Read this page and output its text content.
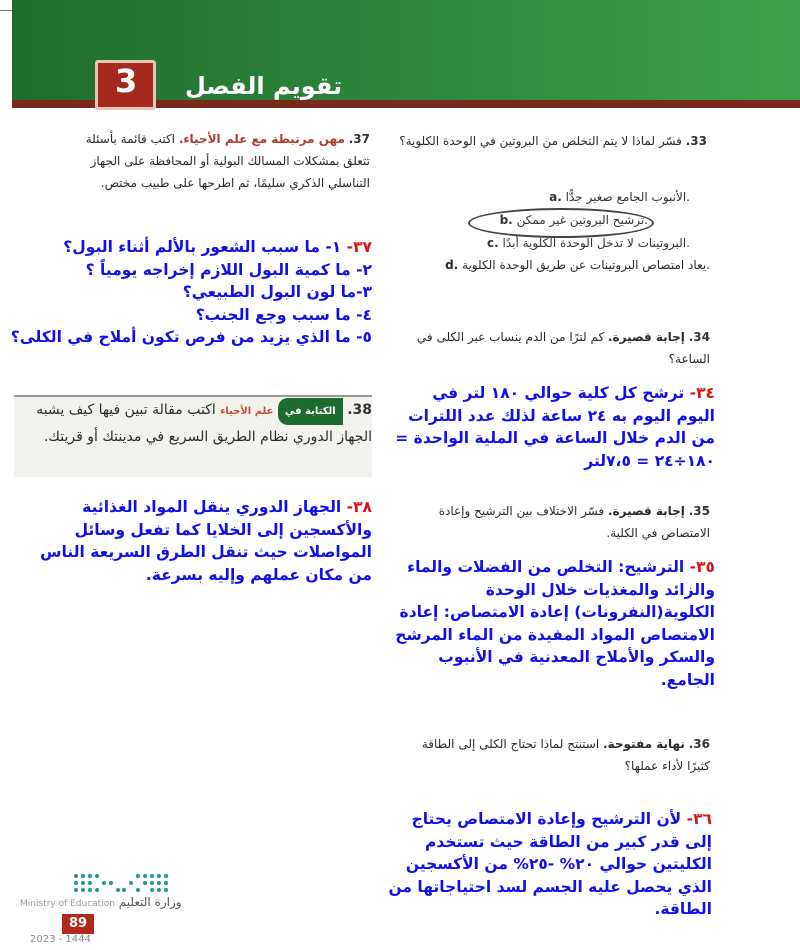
تقويم الفصل
3
33. فسّر لماذا لا يتم التخلص من البروتين في الوحدة الكلوية؟
a. الأنبوب الجامع صغير جدًّا.
b. ترشيح البروتين غير ممكن.
c. البروتينات لا تدخل الوحدة الكلوية أبدًا.
d. يعاد امتصاص البروتينات عن طريق الوحدة الكلوية.
34. إجابة قصيرة. كم لترًا من الدم ينساب عبر الكلى في الساعة؟
٣٤- ترشح كل كلية حوالي ١٨٠ لتر في اليوم اليوم به ٢٤ ساعة لذلك عدد اللترات من الدم خلال الساعة في الملية الواحدة = ١٨٠÷٢٤ = ٧،٥لتر
35. إجابة قصيرة. فسّر الاختلاف بين الترشيح وإعادة الامتصاص في الكلية.
٣٥- الترشيح: التخلص من الفضلات والماء والزائد والمغذيات خلال الوحدة الكلوية(النفرونات) إعادة الامتصاص: إعادة الامتصاص المواد المفيدة من الماء المرشح والسكر والأملاح المعدنية في الأنبوب الجامع.
36. نهاية مفتوحة. استنتج لماذا تحتاج الكلى إلى الطاقة كثيرًا لأداء عملها؟
٣٦- لأن الترشيح وإعادة الامتصاص يحتاج إلى قدر كبير من الطاقة حيث تستخدم الكليتين حوالي ٢٠% -٢٥% من الأكسجين الذي يحصل عليه الجسم لسد احتياجاتها من الطاقة.
37. مهن مرتبطة مع علم الأحياء. اكتب قائمة بأسئلة تتعلق بمشكلات المسالك البولية أو المحافظة على الجهاز التناسلي الذكري سليمًا، ثم اطرحها على طبيب مختص.
٣٧- ١- ما سبب الشعور بالألم أثناء البول؟
٢- ما كمية البول اللازم إخراجه يومياً ؟
٣-ما لون البول الطبيعي؟
٤- ما سبب وجع الجنب؟
٥- ما الذي يزيد من فرص تكون أملاح في الكلى؟
38. الكتابة في علم الأحياء اكتب مقالة تبين فيها كيف يشبه الجهاز الدوري نظام الطريق السريع في مدينتك أو قريتك.
٣٨- الجهاز الدوري ينقل المواد الغذائية والأكسجين إلى الخلايا كما تفعل وسائل المواصلات حيث تنقل الطرق السريعة الناس من مكان عملهم وإليه بسرعة.
وزارة التعليم Ministry of Education
89
2023 - 1444
